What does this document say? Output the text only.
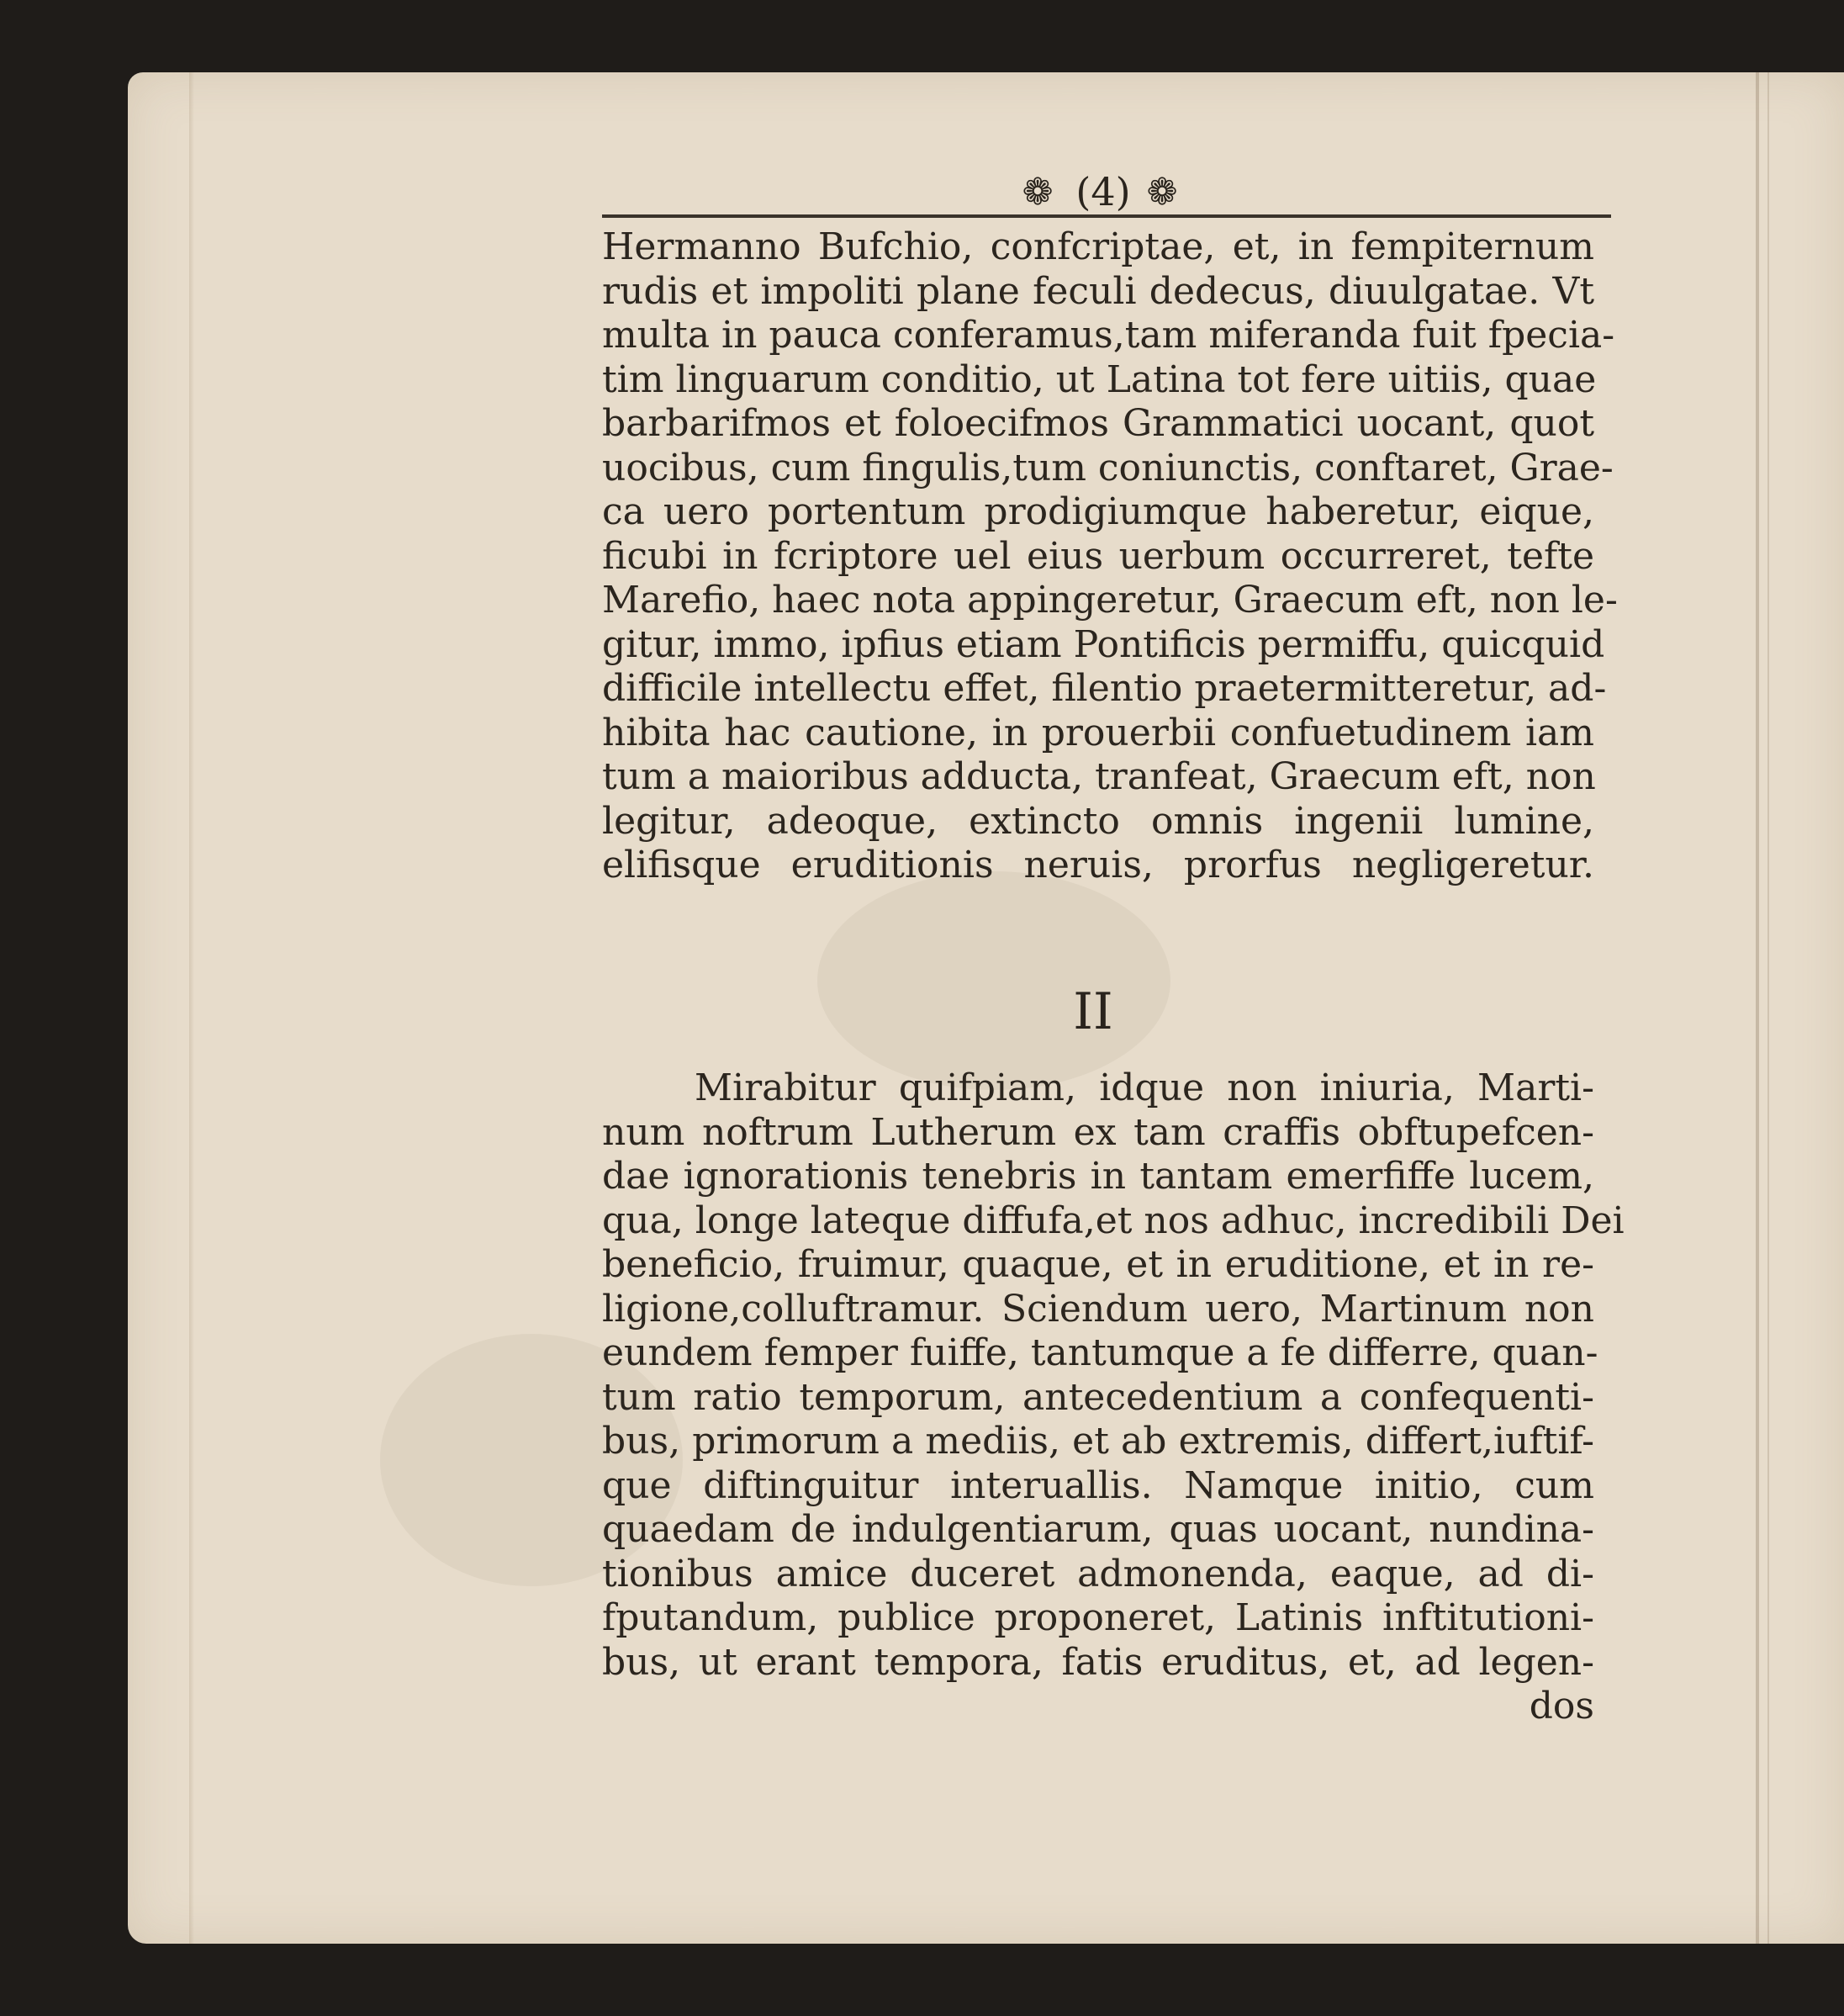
❁ (4) ❁
Hermanno Bufchio, confcriptae, et, in fempiternum
rudis et impoliti plane feculi dedecus, diuulgatae. Vt
multa in pauca conferamus,tam miferanda fuit fpecia-
tim linguarum conditio, ut Latina tot fere uitiis, quae
barbarifmos et foloecifmos Grammatici uocant, quot
uocibus, cum fingulis,tum coniunctis, conftaret, Grae-
ca uero portentum prodigiumque haberetur, eique,
ficubi in fcriptore uel eius uerbum occurreret, tefte
Marefio, haec nota appingeretur, Graecum eft, non le-
gitur, immo, ipfius etiam Pontificis permiffu, quicquid
difficile intellectu effet, filentio praetermitteretur, ad-
hibita hac cautione, in prouerbii confuetudinem iam
tum a maioribus adducta, tranfeat, Graecum eft, non
legitur, adeoque, extincto omnis ingenii lumine,
elifisque eruditionis neruis, prorfus negligeretur.
II
Mirabitur quifpiam, idque non iniuria, Marti-
num noftrum Lutherum ex tam craffis obftupefcen-
dae ignorationis tenebris in tantam emerfiffe lucem,
qua, longe lateque diffufa,et nos adhuc, incredibili Dei
beneficio, fruimur, quaque, et in eruditione, et in re-
ligione,colluftramur. Sciendum uero, Martinum non
eundem femper fuiffe, tantumque a fe differre, quan-
tum ratio temporum, antecedentium a confequenti-
bus, primorum a mediis, et ab extremis, differt,iuftif-
que diftinguitur interuallis. Namque initio, cum
quaedam de indulgentiarum, quas uocant, nundina-
tionibus amice duceret admonenda, eaque, ad di-
fputandum, publice proponeret, Latinis inftitutioni-
bus, ut erant tempora, fatis eruditus, et, ad legen-
dos
